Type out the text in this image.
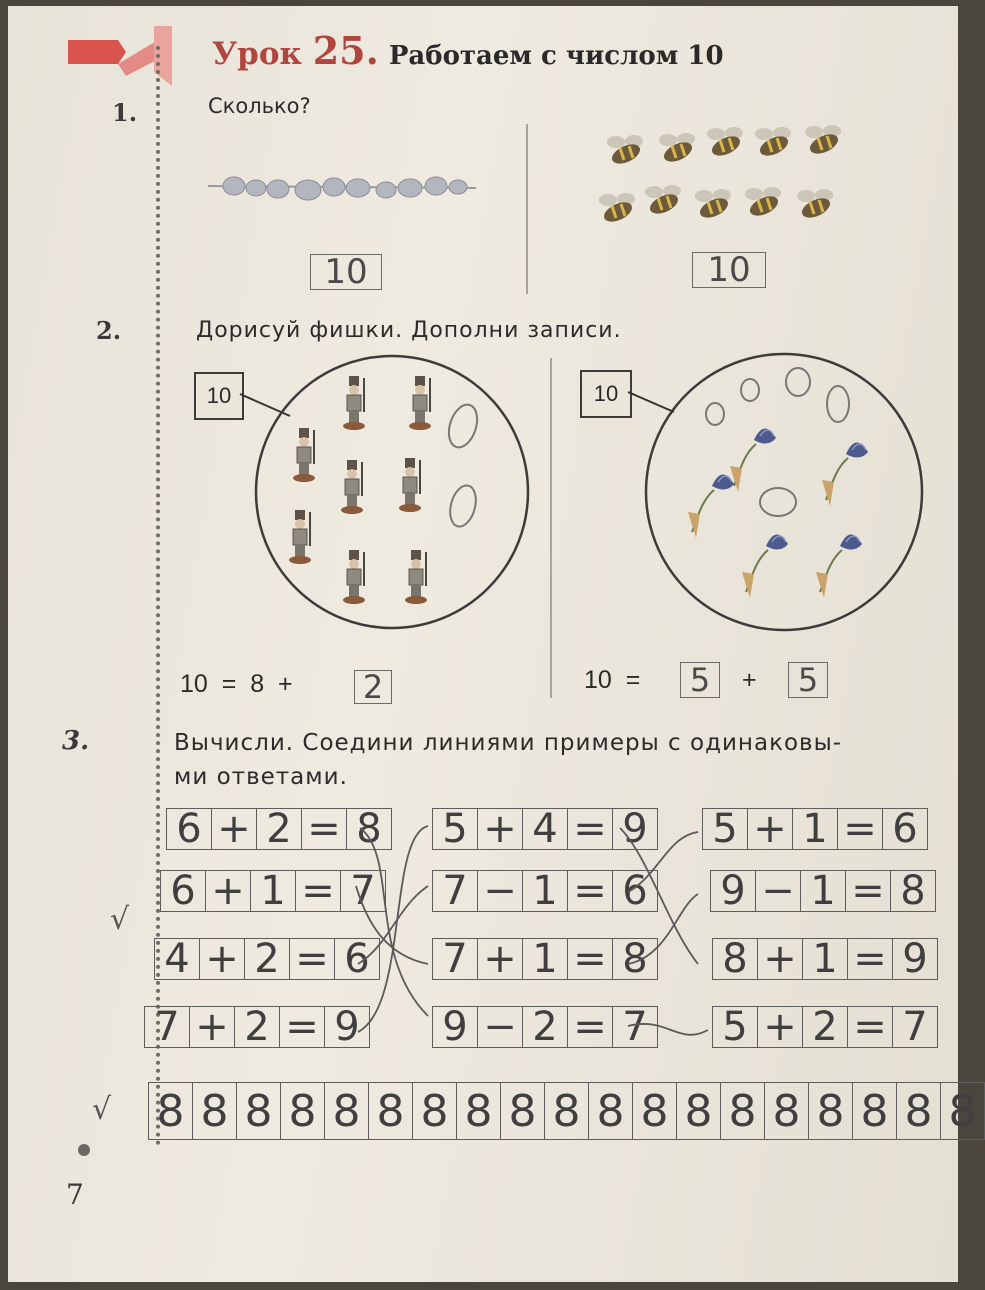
Урок 25. Работаем с числом 10
1.	Сколько?
10	10
2.	Дорисуй фишки. Дополни записи.
10	10
10 = 8 + 2	10 =	5	+	5
3.	Вычисли. Соедини линиями примеры с одинаковы-
ми ответами.
6 + 2 = 8
6 + 1 = 7
4 + 2 = 6
7 + 2 = 9
5 + 4 = 9
7 − 1 = 6
7 + 1 = 8
9 − 2 = 7
5 + 1 = 6
9 − 1 = 8
8 + 1 = 9
5 + 2 = 7
√
√ 8 8 8 8 8 8 8 8 8 8 8 8 8 8 8 8 8 8 8
7
